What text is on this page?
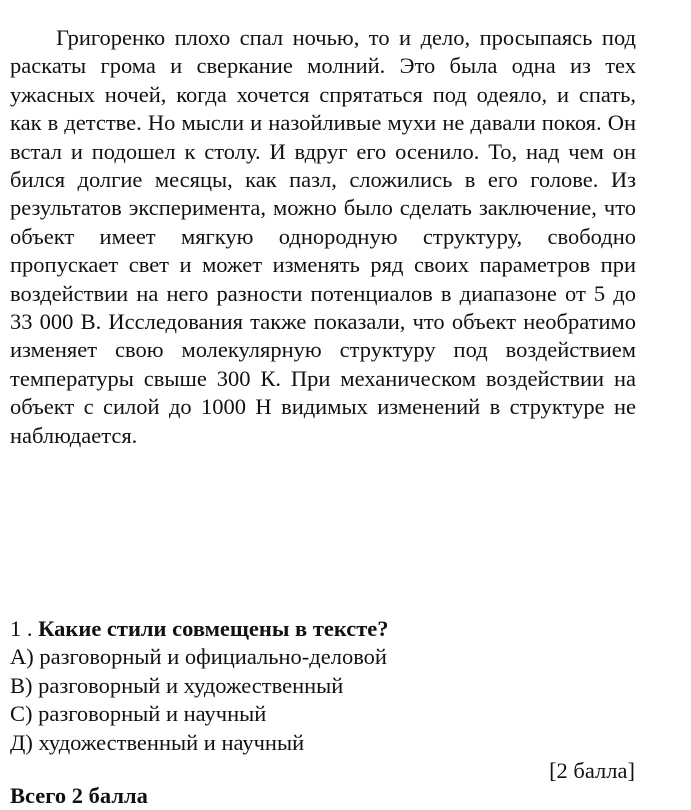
Григоренко плохо спал ночью, то и дело, просыпаясь под раскаты грома и сверкание молний. Это была одна из тех ужасных ночей, когда хочется спрятаться под одеяло, и спать, как в детстве. Но мысли и назойливые мухи не давали покоя. Он встал и подошел к столу. И вдруг его осенило. То, над чем он бился долгие месяцы, как пазл, сложились в его голове. Из результатов эксперимента, можно было сделать заключение, что объект имеет мягкую однородную структуру, свободно пропускает свет и может изменять ряд своих параметров при воздействии на него разности потенциалов в диапазоне от 5 до 33 000 В. Исследования также показали, что объект необратимо изменяет свою молекулярную структуру под воздействием температуры свыше 300 К. При механическом воздействии на объект с силой до 1000 Н видимых изменений в структуре не наблюдается.

1 . Какие стили совмещены в тексте?
А) разговорный и официально-деловой
В) разговорный и художественный
С) разговорный и научный
Д) художественный и научный
[2 балла]
Всего 2 балла
